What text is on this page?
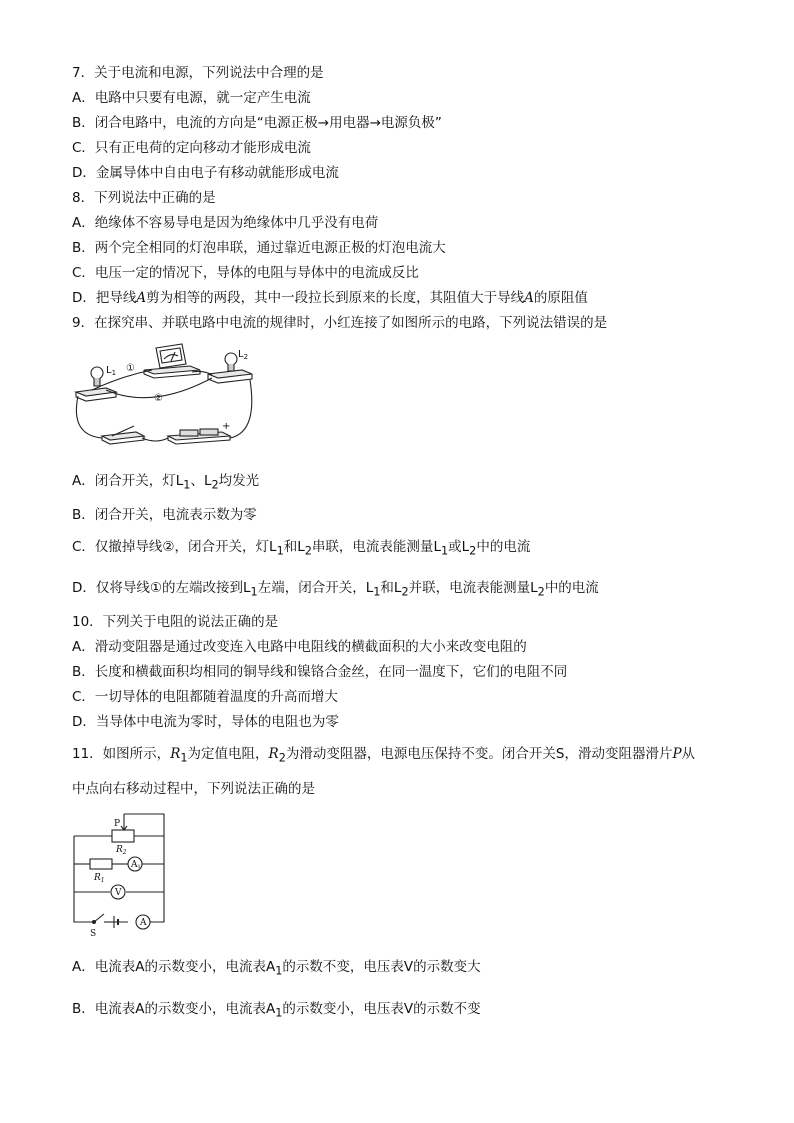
7．关于电流和电源，下列说法中合理的是
A．电路中只要有电源，就一定产生电流
B．闭合电路中，电流的方向是“电源正极→用电器→电源负极”
C．只有正电荷的定向移动才能形成电流
D．金属导体中自由电子有移动就能形成电流
8．下列说法中正确的是
A．绝缘体不容易导电是因为绝缘体中几乎没有电荷
B．两个完全相同的灯泡串联，通过靠近电源正极的灯泡电流大
C．电压一定的情况下，导体的电阻与导体中的电流成反比
D．把导线A剪为相等的两段，其中一段拉长到原来的长度，其阻值大于导线A的原阻值
9．在探究串、并联电路中电流的规律时，小红连接了如图所示的电路，下列说法错误的是
$L_1$
$L_2$
①
②
+
A．闭合开关，灯$L_1$、$L_2$均发光
B．闭合开关，电流表示数为零
C．仅撤掉导线②，闭合开关，灯$L_1$和$L_2$串联，电流表能测量$L_1$或$L_2$中的电流
D．仅将导线①的左端改接到$L_1$左端，闭合开关，$L_1$和$L_2$并联，电流表能测量$L_2$中的电流
10．下列关于电阻的说法正确的是
A．滑动变阻器是通过改变连入电路中电阻线的横截面积的大小来改变电阻的
B．长度和横截面积均相同的铜导线和镍铬合金丝，在同一温度下，它们的电阻不同
C．一切导体的电阻都随着温度的升高而增大
D．当导体中电流为零时，导体的电阻也为零
11．如图所示，$R_1$为定值电阻，$R_2$为滑动变阻器，电源电压保持不变。闭合开关S，滑动变阻器滑片P从
中点向右移动过程中，下列说法正确的是
P
$R_2$
$R_1$
A1
V
A
S
A．电流表A的示数变小，电流表$A_1$的示数不变，电压表V的示数变大
B．电流表A的示数变小，电流表$A_1$的示数变小，电压表V的示数不变
